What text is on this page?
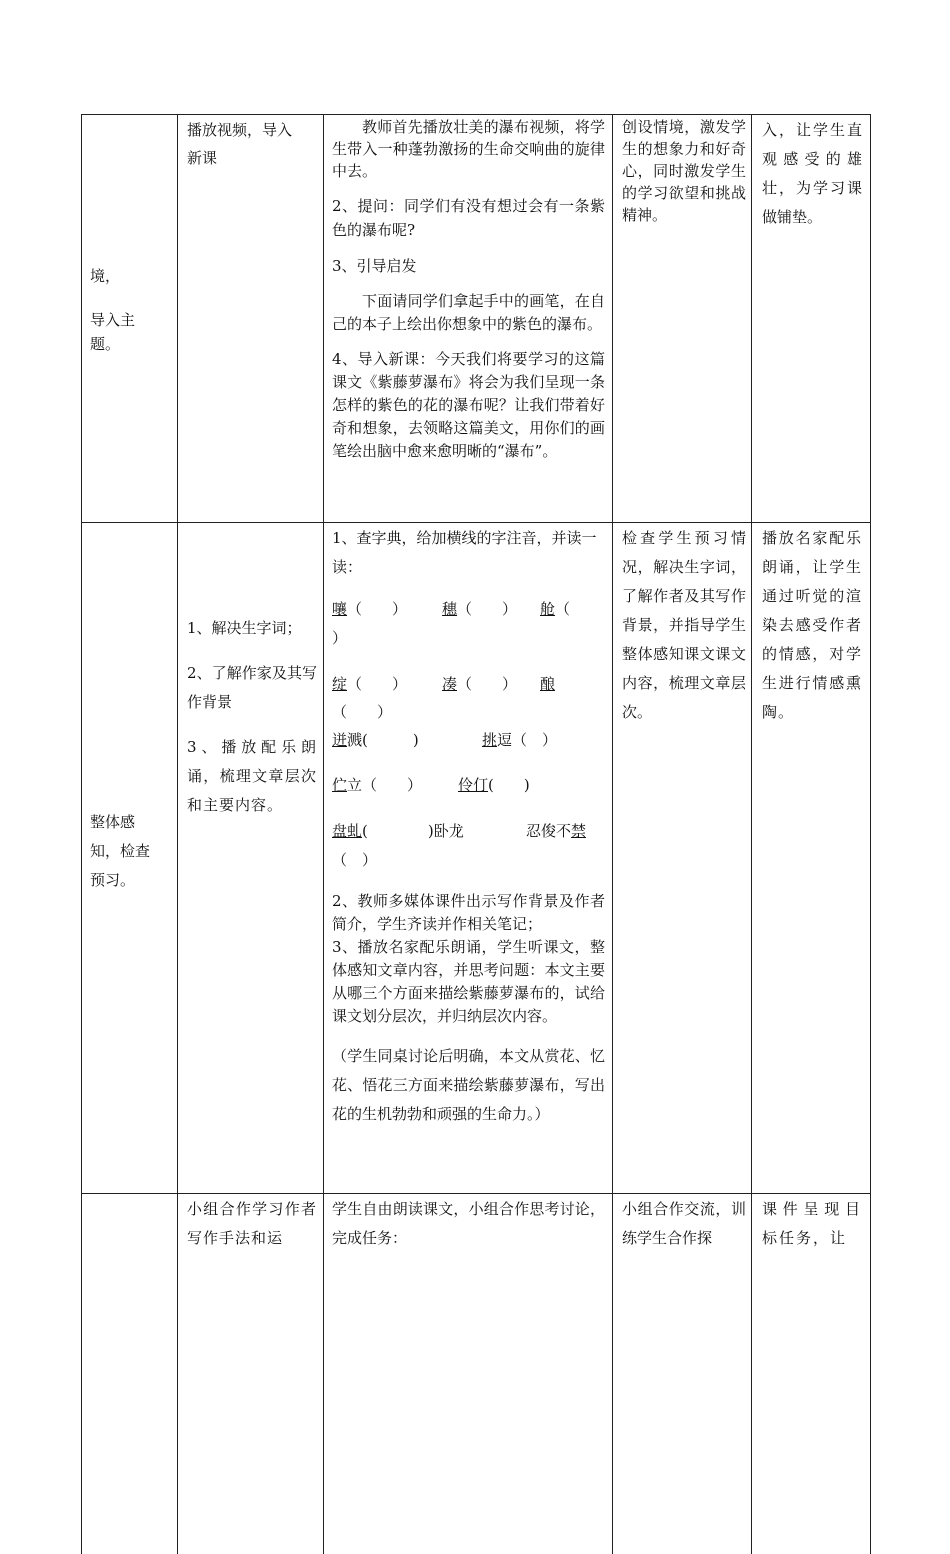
境，

导入主

题。

播放视频，导入

新课

教师首先播放壮美的瀑布视频，将学生带入一种蓬勃激扬的生命交响曲的旋律中去。

2、提问：同学们有没有想过会有一条紫色的瀑布呢?

3、引导启发

下面请同学们拿起手中的画笔，在自己的本子上绘出你想象中的紫色的瀑布。

4、导入新课：今天我们将要学习的这篇课文《紫藤萝瀑布》将会为我们呈现一条怎样的紫色的花的瀑布呢？让我们带着好奇和想象，去领略这篇美文，用你们的画笔绘出脑中愈来愈明晰的“瀑布”。

创设情境，激发学生的想象力和好奇心，同时激发学生的学习欲望和挑战精神。
入，让学生直观感受的雄壮，为学习课做铺垫。

整体感

知，检查

预习。

1、解决生字词；

2、了解作家及其写作背景

3、播放配乐朗诵，梳理文章层次和主要内容。

1、查字典，给加横线的字注音，并读一读：

嚷（　　） 穗（　　） 舱（
）
绽（　　） 凑（　　） 酿
（　　）
迸溅(　　　)	挑逗（　）
伫立（　　） 伶仃(　　)
盘虬(　　　　)卧龙	忍俊不禁
（　）

2、教师多媒体课件出示写作背景及作者简介，学生齐读并作相关笔记；

3、播放名家配乐朗诵，学生听课文，整体感知文章内容，并思考问题：本文主要从哪三个方面来描绘紫藤萝瀑布的，试给课文划分层次，并归纳层次内容。

（学生同桌讨论后明确，本文从赏花、忆花、悟花三方面来描绘紫藤萝瀑布，写出花的生机勃勃和顽强的生命力。）

检查学生预习情况，解决生字词，了解作者及其写作背景，并指导学生整体感知课文课文内容，梳理文章层次。
播放名家配乐朗诵，让学生通过听觉的渲染去感受作者的情感，对学生进行情感熏陶。
小组合作学习作者写作手法和运
学生自由朗读课文，小组合作思考讨论，完成任务：
小组合作交流，训练学生合作探
课件呈现目标任务，让
